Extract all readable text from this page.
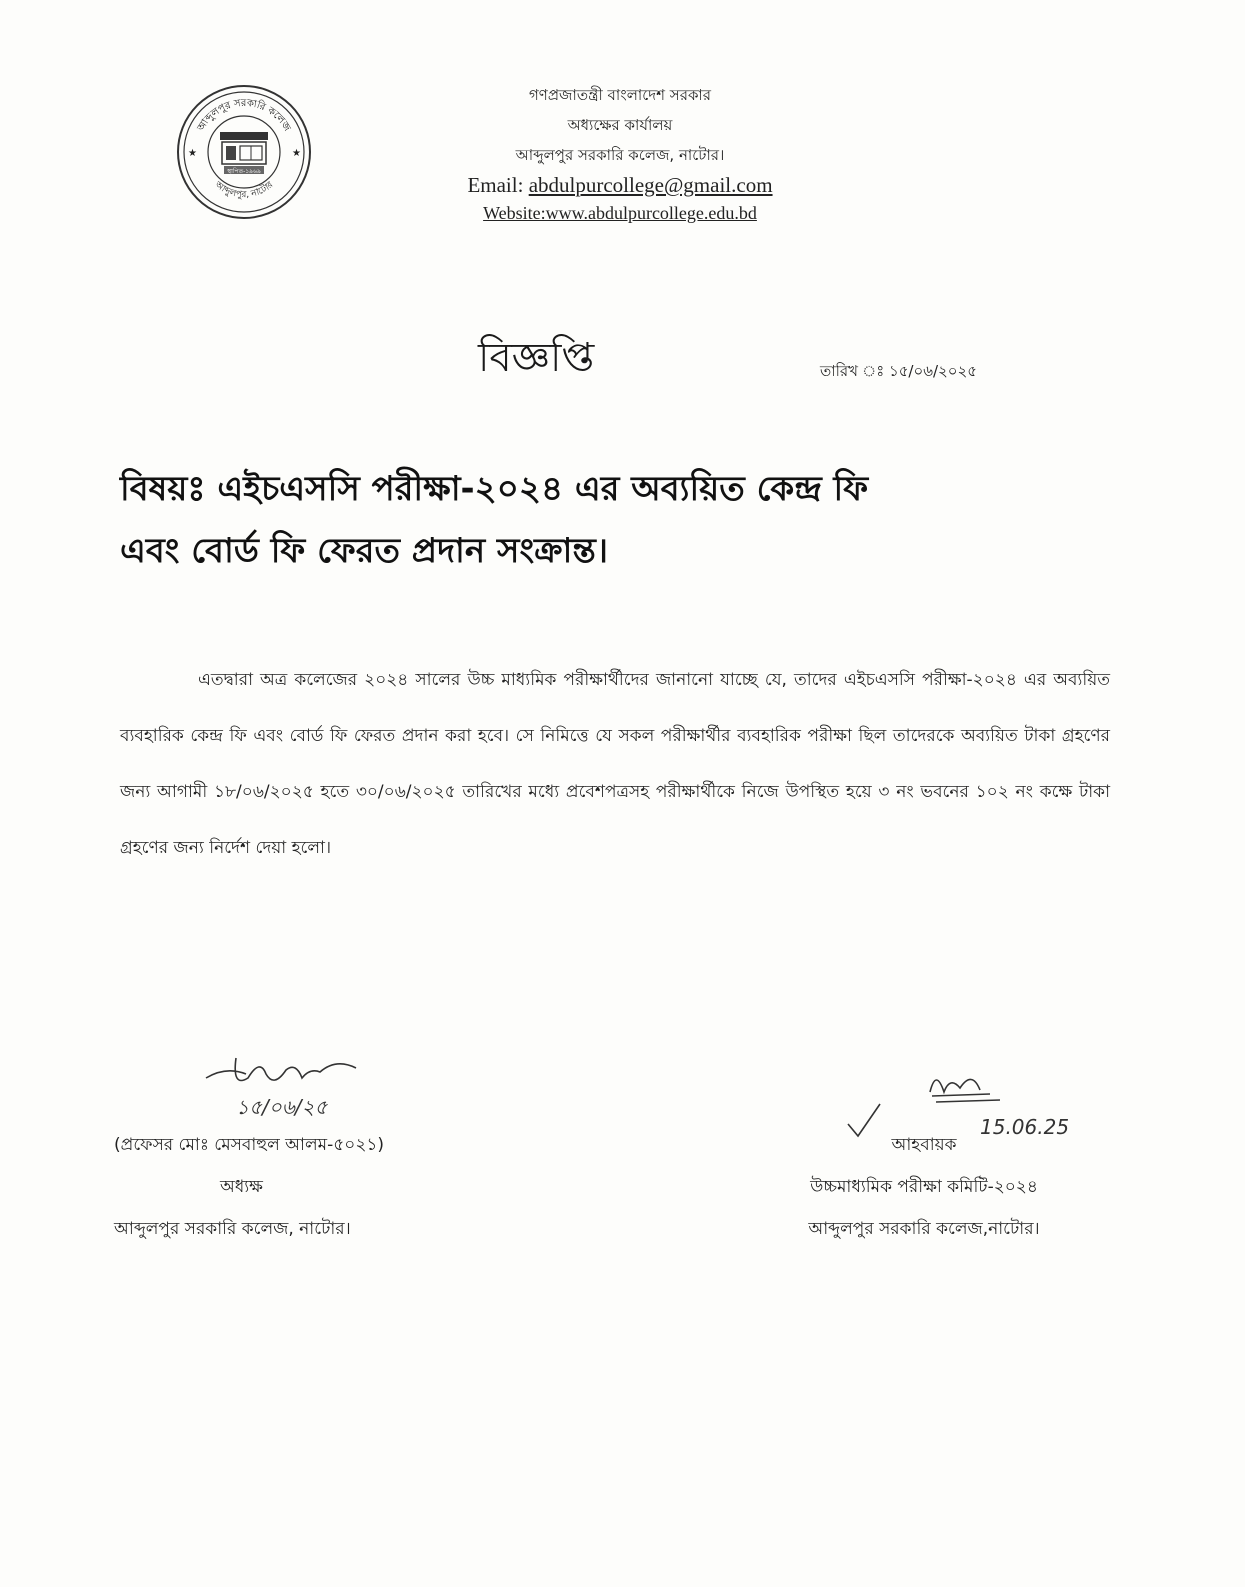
আব্দুলপুর সরকারি কলেজ
আব্দুলপুর, নাটোর
★	★
স্থাপিত-১৯৬৯
গণপ্রজাতন্ত্রী বাংলাদেশ সরকার
অধ্যক্ষের কার্যালয়
আব্দুলপুর সরকারি কলেজ, নাটোর।
Email: abdulpurcollege@gmail.com
Website:www.abdulpurcollege.edu.bd
বিজ্ঞপ্তি	তারিখ ঃ ১৫/০৬/২০২৫
বিষয়ঃ এইচএসসি পরীক্ষা-২০২৪ এর অব্যয়িত কেন্দ্র ফি
এবং বোর্ড ফি ফেরত প্রদান সংক্রান্ত।
এতদ্বারা অত্র কলেজের ২০২৪ সালের উচ্চ মাধ্যমিক পরীক্ষার্থীদের জানানো যাচ্ছে যে, তাদের এইচএসসি পরীক্ষা-২০২৪ এর অব্যয়িত ব্যবহারিক কেন্দ্র ফি এবং বোর্ড ফি ফেরত প্রদান করা হবে। সে নিমিত্তে যে সকল পরীক্ষার্থীর ব্যবহারিক পরীক্ষা ছিল তাদেরকে অব্যয়িত টাকা গ্রহণের জন্য আগামী ১৮/০৬/২০২৫ হতে ৩০/০৬/২০২৫ তারিখের মধ্যে প্রবেশপত্রসহ পরীক্ষার্থীকে নিজে উপস্থিত হয়ে ৩ নং ভবনের ১০২ নং কক্ষে টাকা গ্রহণের জন্য নির্দেশ দেয়া হলো।
১৫/০৬/২৫
15.06.25
(প্রফেসর মোঃ মেসবাহুল আলম-৫০২১)
অধ্যক্ষ
আব্দুলপুর সরকারি কলেজ, নাটোর।
আহবায়ক
উচ্চমাধ্যমিক পরীক্ষা কমিটি-২০২৪
আব্দুলপুর সরকারি কলেজ,নাটোর।
